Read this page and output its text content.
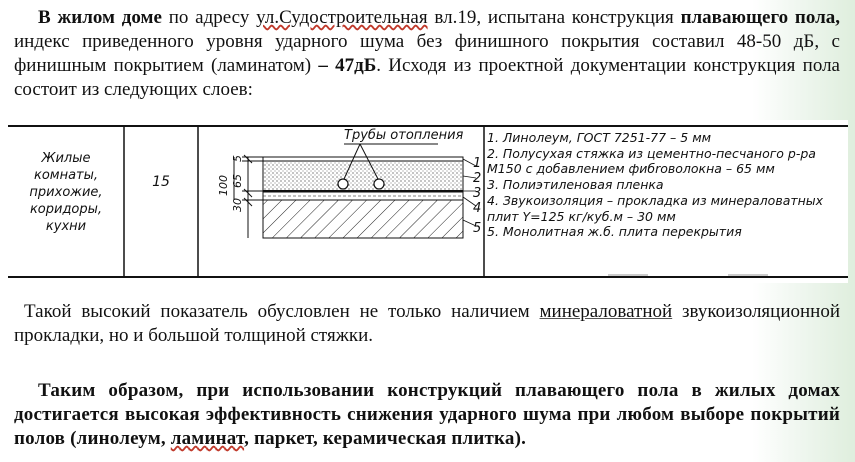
В жилом доме по адресу ул.Судостроительная вл.19, испытана конструкция плавающего пола, индекс приведенного уровня ударного шума без финишного покрытия составил 48-50 дБ, с финишным покрытием (ламинатом) – 47дБ. Исходя из проектной документации конструкция пола состоит из следующих слоев:

100
30
65
5	1
2
3
4
5
Жилые комнаты,
прихожие,
коридоры, кухни
15
Трубы отопления 1. Линолеум, ГОСТ 7251-77 – 5 мм
2. Полусухая стяжка из цементно-песчаного р-ра
М150 с добавлением фибroволокна – 65 мм
3. Полиэтиленовая пленка
4. Звукоизоляция – прокладка из минераловатных
плит Y=125 кг/куб.м – 30 мм
5. Монолитная ж.б. плита перекрытия

Такой высокий показатель обусловлен не только наличием минераловатной звукоизоляционной прокладки, но и большой толщиной стяжки.

Таким образом, при использовании конструкций плавающего пола в жилых домах достигается высокая эффективность снижения ударного шума при любом выборе покрытий полов (линолеум, ламинат, паркет, керамическая плитка).
